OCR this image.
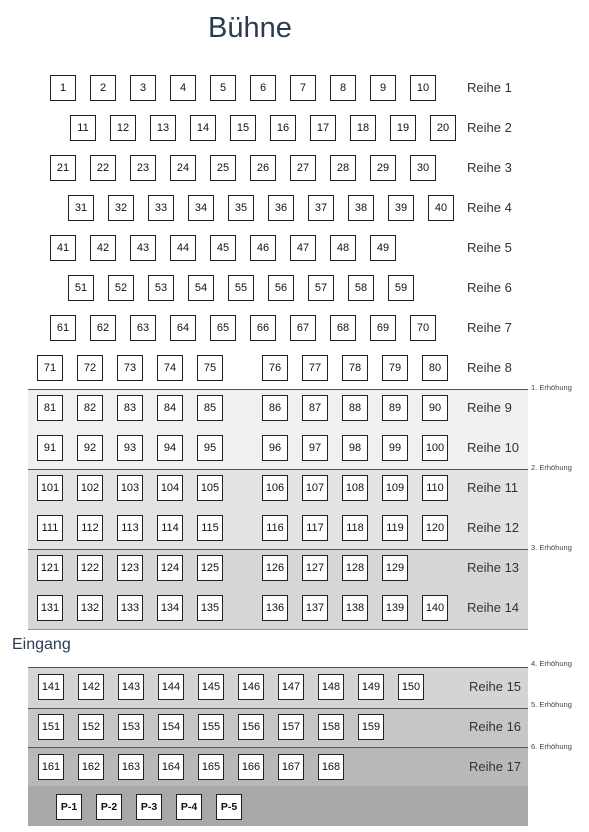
Bühne
Eingang
1. Erhöhung
2. Erhöhung
3. Erhöhung
4. Erhöhung
5. Erhöhung
6. Erhöhung
1	2	3	4	5	6	7	8	9	10	Reihe 1
11	12	13	14	15	16	17	18	19	20	Reihe 2
21	22	23	24	25	26	27	28	29	30	Reihe 3
31	32	33	34	35	36	37	38	39	40	Reihe 4
41	42	43	44	45	46	47	48	49	Reihe 5
51	52	53	54	55	56	57	58	59	Reihe 6
61	62	63	64	65	66	67	68	69	70	Reihe 7
71	72	73	74	75	76	77	78	79	80	Reihe 8
81	82	83	84	85	86	87	88	89	90	Reihe 9
91	92	93	94	95	96	97	98	99	100 Reihe 10
101	102	103	104	105	106	107	108	109	110	Reihe 11
111	112	113	114	115	116	117	118	119	120 Reihe 12
121	122	123	124	125	126	127	128	129	Reihe 13
131	132	133	134	135	136	137	138	139	140 Reihe 14
141	142	143	144	145	146	147	148	149	150	Reihe 15
151	152	153	154	155	156	157	158	159	Reihe 16
161	162	163	164	165	166	167	168	Reihe 17
P-1	P-2	P-3	P-4	P-5
